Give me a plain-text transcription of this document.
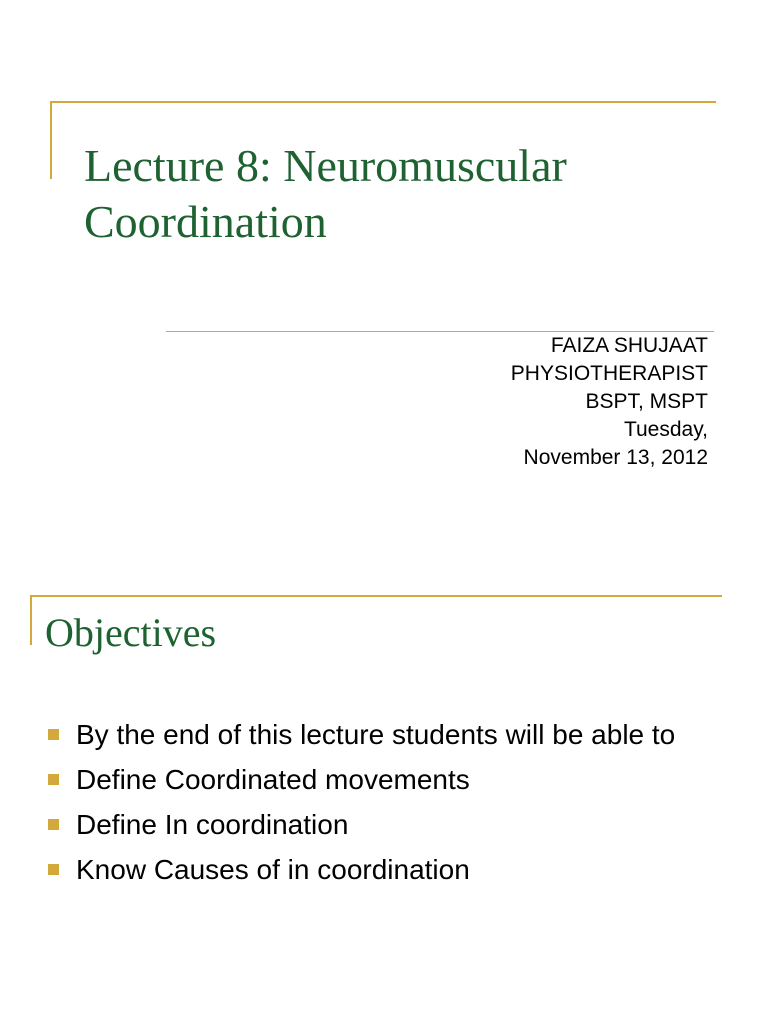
Lecture 8: Neuromuscular Coordination
FAIZA SHUJAAT
PHYSIOTHERAPIST
BSPT, MSPT
Tuesday,
November 13, 2012
Objectives
By the end of this lecture students will be able to
Define Coordinated movements
Define In coordination
Know Causes of in coordination
